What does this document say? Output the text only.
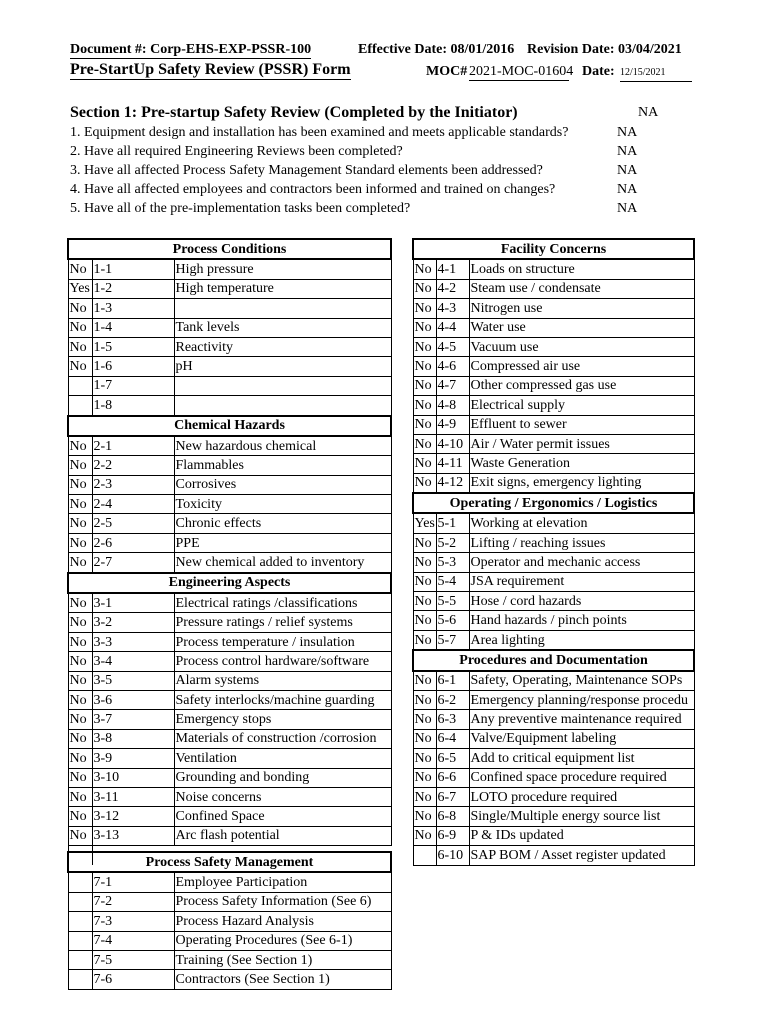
Document #: Corp-EHS-EXP-PSSR-100	Effective Date: 08/01/2016 Revision Date: 03/04/2021
Pre-StartUp Safety Review (PSSR) Form	MOC# 2021-MOC-01604 Date: 12/15/2021
Section 1: Pre-startup Safety Review (Completed by the Initiator)	NA
1. Equipment design and installation has been examined and meets applicable standards?	NA
2. Have all required Engineering Reviews been completed?	NA
3. Have all affected Process Safety Management Standard elements been addressed?	NA
4. Have all affected employees and contractors been informed and trained on changes?	NA
5. Have all of the pre-implementation tasks been completed?	NA
Process Conditions		
No	1-1	High pressure
Yes	1-2	High temperature
No	1-3	
No	1-4	Tank levels
No	1-5	Reactivity
No	1-6	pH
	1-7	
	1-8	
Chemical Hazards		
No	2-1	New hazardous chemical
No	2-2	Flammables
No	2-3	Corrosives
No	2-4	Toxicity
No	2-5	Chronic effects
No	2-6	PPE
No	2-7	New chemical added to inventory
Engineering Aspects		
No	3-1	Electrical ratings /classifications
No	3-2	Pressure ratings / relief systems
No	3-3	Process temperature / insulation
No	3-4	Process control hardware/software
No	3-5	Alarm systems
No	3-6	Safety interlocks/machine guarding
No	3-7	Emergency stops
No	3-8	Materials of construction /corrosion
No	3-9	Ventilation
No	3-10	Grounding and bonding
No	3-11	Noise concerns
No	3-12	Confined Space
No	3-13	Arc flash potential

Process Safety Management		
	7-1	Employee Participation
	7-2	Process Safety Information (See 6)
	7-3	Process Hazard Analysis
	7-4	Operating Procedures (See 6-1)
	7-5	Training (See Section 1)
	7-6	Contractors (See Section 1)
Facility Concerns		
No	4-1	Loads on structure
No	4-2	Steam use / condensate
No	4-3	Nitrogen use
No	4-4	Water use
No	4-5	Vacuum use
No	4-6	Compressed air use
No	4-7	Other compressed gas use
No	4-8	Electrical supply
No	4-9	Effluent to sewer
No	4-10	Air / Water permit issues
No	4-11	Waste Generation
No	4-12	Exit signs, emergency lighting
Operating / Ergonomics / Logistics		
Yes	5-1	Working at elevation
No	5-2	Lifting / reaching issues
No	5-3	Operator and mechanic access
No	5-4	JSA requirement
No	5-5	Hose / cord hazards
No	5-6	Hand hazards / pinch points
No	5-7	Area lighting
Procedures and Documentation		
No	6-1	Safety, Operating, Maintenance SOPs
No	6-2	Emergency planning/response procedu
No	6-3	Any preventive maintenance required
No	6-4	Valve/Equipment labeling
No	6-5	Add to critical equipment list
No	6-6	Confined space procedure required
No	6-7	LOTO procedure required
No	6-8	Single/Multiple energy source list
No	6-9	P & IDs updated
	6-10	SAP BOM / Asset register updated
